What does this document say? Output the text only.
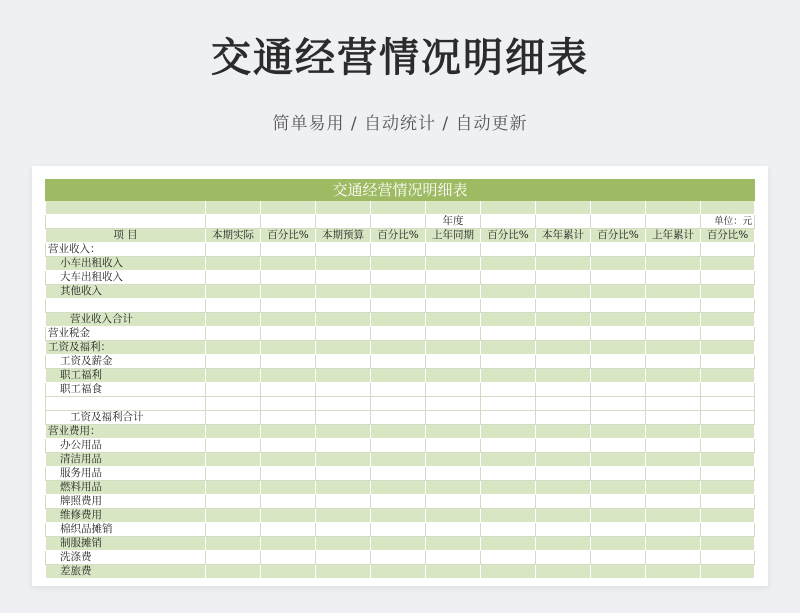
交通经营情况明细表
简单易用 / 自动统计 / 自动更新
交通经营情况明细表										

					年度					单位：元
项 目	本期实际	百分比%	本期预算	百分比%	上年同期	百分比%	本年累计	百分比%	上年累计	百分比%
营业收入：										
小车出租收入										
大车出租收入										
其他收入										

营业收入合计										
营业税金										
工资及福利：										
工资及薪金										
职工福利										
职工福食										

工资及福利合计										
营业费用：										
办公用品										
清洁用品										
服务用品										
燃料用品										
牌照费用										
维修费用										
棉织品摊销										
制服摊销										
洗涤费										
差旅费										
